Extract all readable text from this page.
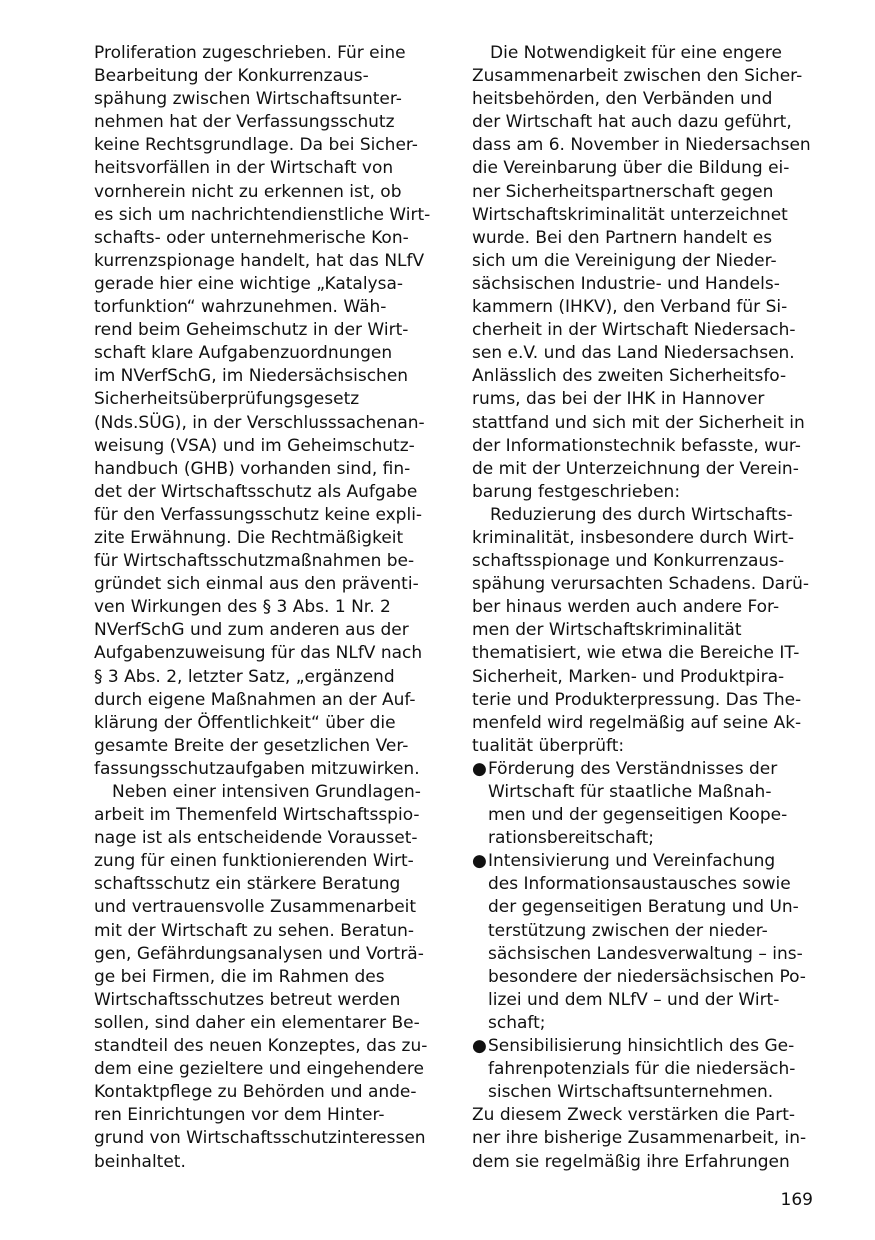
Proliferation zugeschrieben. Für eine
Bearbeitung der Konkurrenzaus-
spähung zwischen Wirtschaftsunter-
nehmen hat der Verfassungsschutz
keine Rechtsgrundlage. Da bei Sicher-
heitsvorfällen in der Wirtschaft von
vornherein nicht zu erkennen ist, ob
es sich um nachrichtendienstliche Wirt-
schafts- oder unternehmerische Kon-
kurrenzspionage handelt, hat das NLfV
gerade hier eine wichtige „Katalysa-
torfunktion“ wahrzunehmen. Wäh-
rend beim Geheimschutz in der Wirt-
schaft klare Aufgabenzuordnungen
im NVerfSchG, im Niedersächsischen
Sicherheitsüberprüfungsgesetz
(Nds.SÜG), in der Verschlusssachenan-
weisung (VSA) und im Geheimschutz-
handbuch (GHB) vorhanden sind, fin-
det der Wirtschaftsschutz als Aufgabe
für den Verfassungsschutz keine expli-
zite Erwähnung. Die Rechtmäßigkeit
für Wirtschaftsschutzmaßnahmen be-
gründet sich einmal aus den präventi-
ven Wirkungen des § 3 Abs. 1 Nr. 2
NVerfSchG und zum anderen aus der
Aufgabenzuweisung für das NLfV nach
§ 3 Abs. 2, letzter Satz, „ergänzend
durch eigene Maßnahmen an der Auf-
klärung der Öffentlichkeit“ über die
gesamte Breite der gesetzlichen Ver-
fassungsschutzaufgaben mitzuwirken.
Neben einer intensiven Grundlagen-
arbeit im Themenfeld Wirtschaftsspio-
nage ist als entscheidende Vorausset-
zung für einen funktionierenden Wirt-
schaftsschutz ein stärkere Beratung
und vertrauensvolle Zusammenarbeit
mit der Wirtschaft zu sehen. Beratun-
gen, Gefährdungsanalysen und Vorträ-
ge bei Firmen, die im Rahmen des
Wirtschaftsschutzes betreut werden
sollen, sind daher ein elementarer Be-
standteil des neuen Konzeptes, das zu-
dem eine gezieltere und eingehendere
Kontaktpflege zu Behörden und ande-
ren Einrichtungen vor dem Hinter-
grund von Wirtschaftsschutzinteressen
beinhaltet.
Die Notwendigkeit für eine engere
Zusammenarbeit zwischen den Sicher-
heitsbehörden, den Verbänden und
der Wirtschaft hat auch dazu geführt,
dass am 6. November in Niedersachsen
die Vereinbarung über die Bildung ei-
ner Sicherheitspartnerschaft gegen
Wirtschaftskriminalität unterzeichnet
wurde. Bei den Partnern handelt es
sich um die Vereinigung der Nieder-
sächsischen Industrie- und Handels-
kammern (IHKV), den Verband für Si-
cherheit in der Wirtschaft Niedersach-
sen e.V. und das Land Niedersachsen.
Anlässlich des zweiten Sicherheitsfo-
rums, das bei der IHK in Hannover
stattfand und sich mit der Sicherheit in
der Informationstechnik befasste, wur-
de mit der Unterzeichnung der Verein-
barung festgeschrieben:
Reduzierung des durch Wirtschafts-
kriminalität, insbesondere durch Wirt-
schaftsspionage und Konkurrenzaus-
spähung verursachten Schadens. Darü-
ber hinaus werden auch andere For-
men der Wirtschaftskriminalität
thematisiert, wie etwa die Bereiche IT-
Sicherheit, Marken- und Produktpira-
terie und Produkterpressung. Das The-
menfeld wird regelmäßig auf seine Ak-
tualität überprüft:
● Förderung des Verständnisses der
Wirtschaft für staatliche Maßnah-
men und der gegenseitigen Koope-
rationsbereitschaft;
● Intensivierung und Vereinfachung
des Informationsaustausches sowie
der gegenseitigen Beratung und Un-
terstützung zwischen der nieder-
sächsischen Landesverwaltung – ins-
besondere der niedersächsischen Po-
lizei und dem NLfV – und der Wirt-
schaft;
● Sensibilisierung hinsichtlich des Ge-
fahrenpotenzials für die niedersäch-
sischen Wirtschaftsunternehmen.
Zu diesem Zweck verstärken die Part-
ner ihre bisherige Zusammenarbeit, in-
dem sie regelmäßig ihre Erfahrungen
169
